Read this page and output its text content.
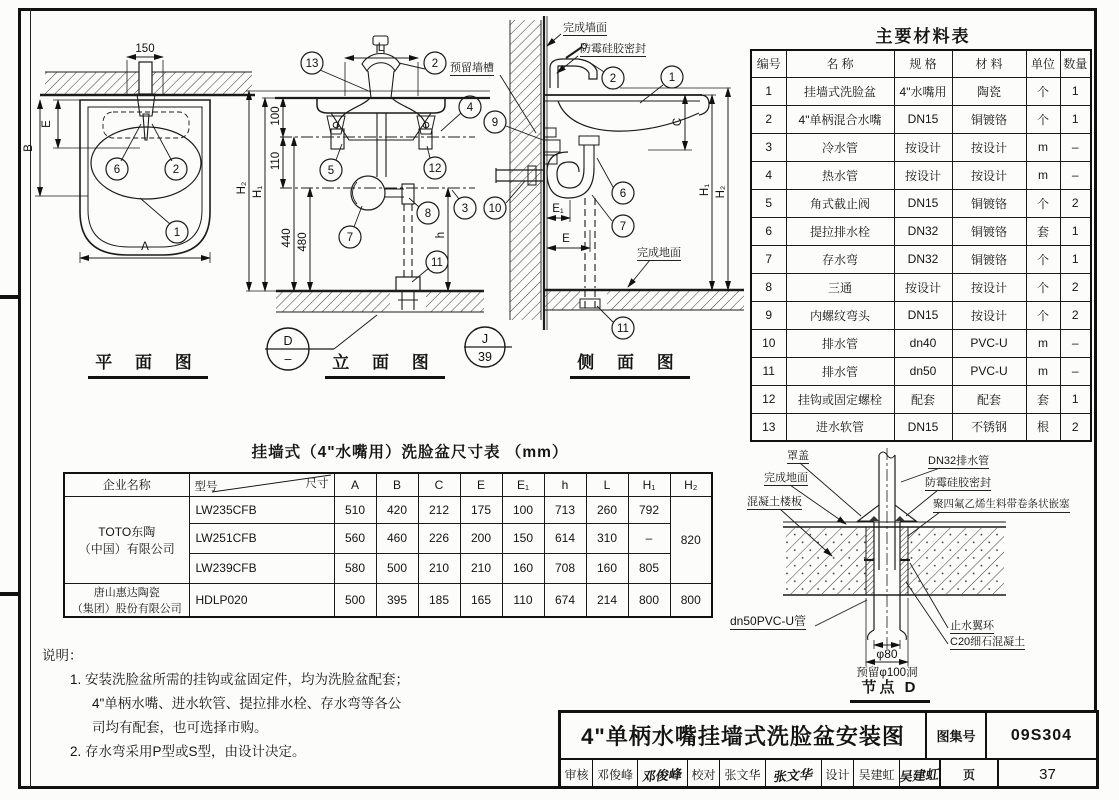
150
E
B
A
6	2
1
L
H₂ H₁
100
110
440 480	h
13	2
4
12
5
8	3
7
11
D
–
J
39
C
E₁
E
H₁ H₂
2	1
9
10
6
7
11
φ80
预留φ100洞
完成墙面
防霉硅胶密封
预留墙槽
完成地面
罩盖
完成地面
混凝土楼板
DN32排水管
防霉硅胶密封
聚四氟乙烯生料带卷条状嵌塞
dn50PVC-U管	止水翼环
C20细石混凝土
平 面 图	立 面 图	侧 面 图
节点 D
主要材料表
编号	名 称	规 格	材 料	单位	数量
1	挂墙式洗脸盆	4"水嘴用	陶瓷	个	1
2	4"单柄混合水嘴	DN15	铜镀铬	个	1
3	冷水管	按设计	按设计	m	–
4	热水管	按设计	按设计	m	–
5	角式截止阀	DN15	铜镀铬	个	2
6	提拉排水栓	DN32	铜镀铬	套	1
7	存水弯	DN32	铜镀铬	个	1
8	三通	按设计	按设计	个	2
9	内螺纹弯头	DN15	按设计	个	2
10	排水管	dn40	PVC-U	m	–
11	排水管	dn50	PVC-U	m	–
12	挂钩或固定螺栓	配套	配套	套	1
13	进水软管	DN15	不锈钢	根	2
挂墙式（4"水嘴用）洗脸盆尺寸表 （mm）
企业名称	尺寸
型号	A	B	C	E	E₁	h	L	H₁	H₂

TOTO东陶
（中国）有限公司	LW235CFB	510	420	212	175	100	713	260	792	820
	LW251CFB	560	460	226	200	150	614	310	–	
	LW239CFB	580	500	210	210	160	708	160	805	

唐山惠达陶瓷
（集团）股份有限公司	HDLP020	500	395	185	165	110	674	214	800	800
说明：
1. 安装洗脸盆所需的挂钩或盆固定件，均为洗脸盆配套；
4"单柄水嘴、进水软管、提拉排水栓、存水弯等各公
司均有配套，也可选择市购。
2. 存水弯采用P型或S型，由设计决定。
4"单柄水嘴挂墙式洗脸盆安装图	图集号	09S304
审核 邓俊峰 邓俊峰 校对 张文华 张文华 设计 吴建虹 吴建虹	页	37
